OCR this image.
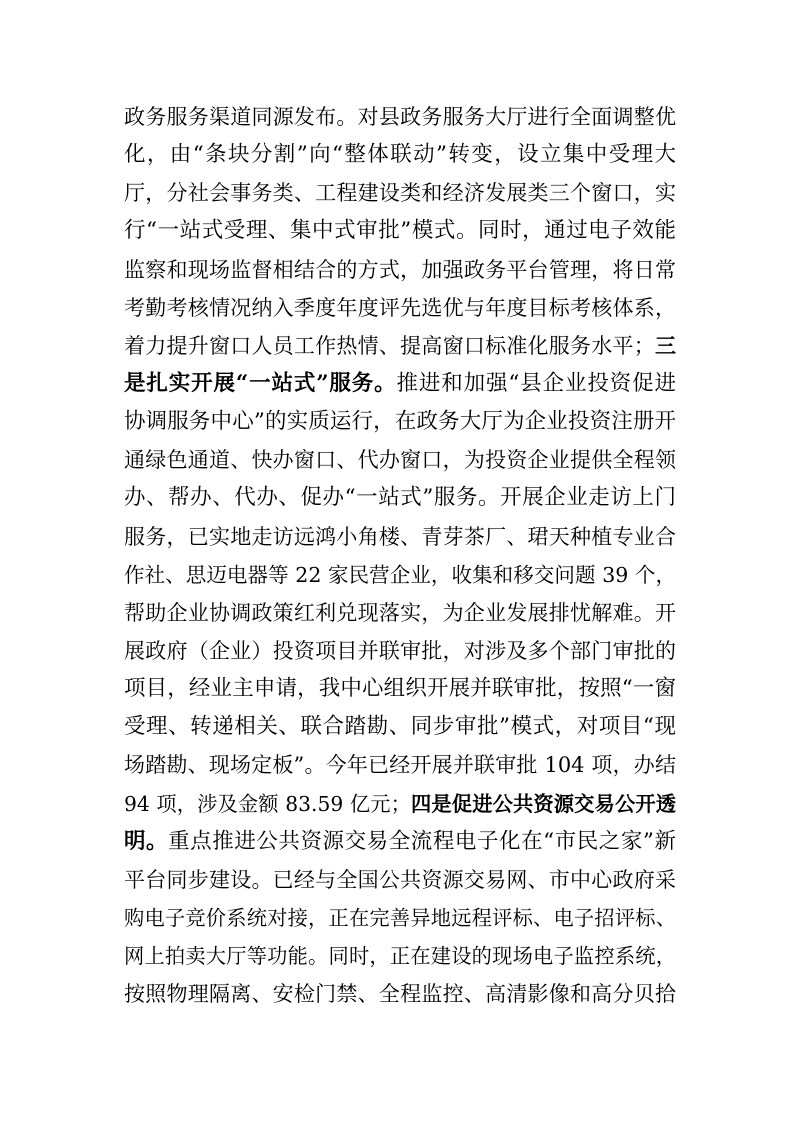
政务服务渠道同源发布。对县政务服务大厅进行全面调整优
化，由“条块分割”向“整体联动”转变，设立集中受理大
厅，分社会事务类、工程建设类和经济发展类三个窗口，实
行“一站式受理、集中式审批”模式。同时，通过电子效能
监察和现场监督相结合的方式，加强政务平台管理，将日常
考勤考核情况纳入季度年度评先选优与年度目标考核体系，
着力提升窗口人员工作热情、提高窗口标准化服务水平；三
是扎实开展“一站式”服务。推进和加强“县企业投资促进
协调服务中心”的实质运行，在政务大厅为企业投资注册开
通绿色通道、快办窗口、代办窗口，为投资企业提供全程领
办、帮办、代办、促办“一站式”服务。开展企业走访上门
服务，已实地走访远鸿小角楼、青芽茶厂、珺天种植专业合
作社、思迈电器等 22 家民营企业，收集和移交问题 39 个，
帮助企业协调政策红利兑现落实，为企业发展排忧解难。开
展政府（企业）投资项目并联审批，对涉及多个部门审批的
项目，经业主申请，我中心组织开展并联审批，按照“一窗
受理、转递相关、联合踏勘、同步审批”模式，对项目“现
场踏勘、现场定板”。今年已经开展并联审批 104 项，办结
94 项，涉及金额 83.59 亿元；四是促进公共资源交易公开透
明。重点推进公共资源交易全流程电子化在“市民之家”新
平台同步建设。已经与全国公共资源交易网、市中心政府采
购电子竞价系统对接，正在完善异地远程评标、电子招评标、
网上拍卖大厅等功能。同时，正在建设的现场电子监控系统，
按照物理隔离、安检门禁、全程监控、高清影像和高分贝拾
